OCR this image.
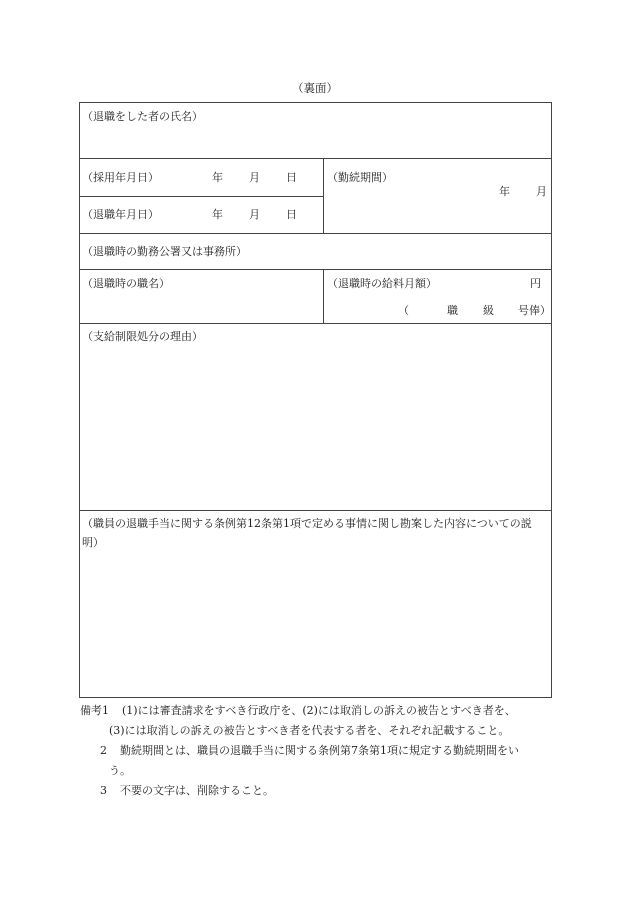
（裏面）
（退職をした者の氏名）
（採用年月日）	年 月 日
（退職年月日）	年 月 日
（勤続期間）
年 月
（退職時の勤務公署又は事務所）
（退職時の職名）	（退職時の給料月額）	円
（	職 級 号俸）
（支給制限処分の理由）
（職員の退職手当に関する条例第12条第1項で定める事情に関し勘案した内容についての説明）
備考1 (1)には審査請求をすべき行政庁を、(2)には取消しの訴えの被告とすべき者を、
(3)には取消しの訴えの被告とすべき者を代表する者を、それぞれ記載すること。
2 勤続期間とは、職員の退職手当に関する条例第7条第1項に規定する勤続期間をい
う。
3 不要の文字は、削除すること。
